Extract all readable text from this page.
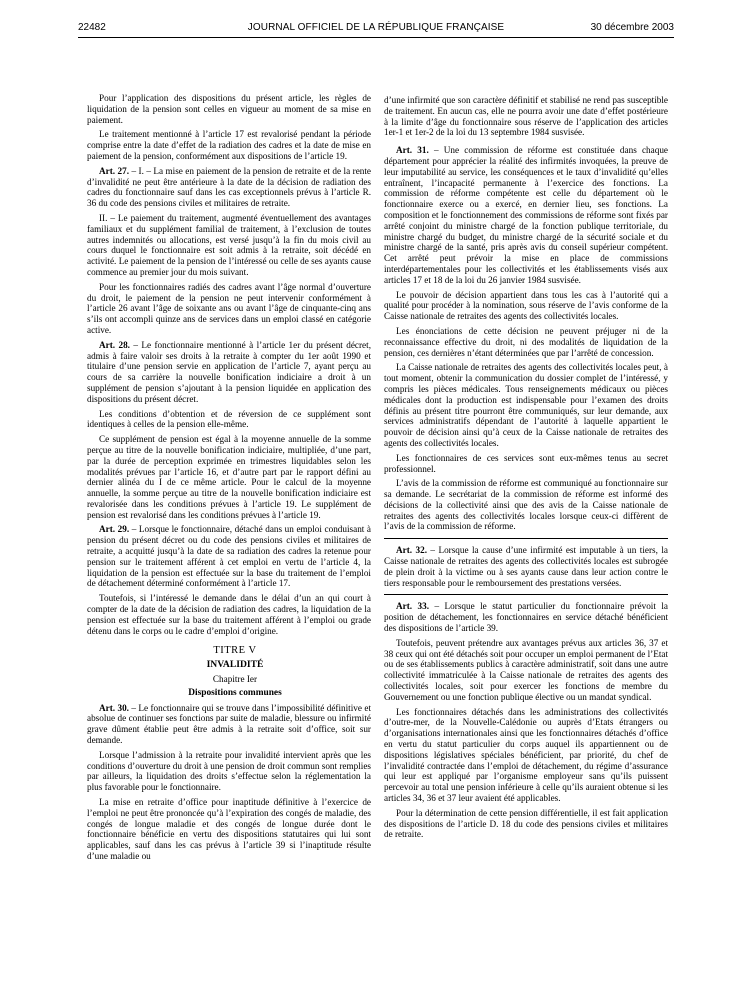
22482	JOURNAL OFFICIEL DE LA RÉPUBLIQUE FRANÇAISE	30 décembre 2003

Pour l’application des dispositions du présent article, les règles de liquidation de la pension sont celles en vigueur au moment de sa mise en paiement.

Le traitement mentionné à l’article 17 est revalorisé pendant la période comprise entre la date d’effet de la radiation des cadres et la date de mise en paiement de la pension, conformément aux dispositions de l’article 19.

Art. 27. – I. – La mise en paiement de la pension de retraite et de la rente d’invalidité ne peut être antérieure à la date de la décision de radiation des cadres du fonctionnaire sauf dans les cas exceptionnels prévus à l’article R. 36 du code des pensions civiles et militaires de retraite.

II. – Le paiement du traitement, augmenté éventuellement des avantages familiaux et du supplément familial de traitement, à l’exclusion de toutes autres indemnités ou allocations, est versé jusqu’à la fin du mois civil au cours duquel le fonctionnaire est soit admis à la retraite, soit décédé en activité. Le paiement de la pension de l’intéressé ou celle de ses ayants cause commence au premier jour du mois suivant.

Pour les fonctionnaires radiés des cadres avant l’âge normal d’ouverture du droit, le paiement de la pension ne peut intervenir conformément à l’article 26 avant l’âge de soixante ans ou avant l’âge de cinquante-cinq ans s’ils ont accompli quinze ans de services dans un emploi classé en catégorie active.

Art. 28. – Le fonctionnaire mentionné à l’article 1er du présent décret, admis à faire valoir ses droits à la retraite à compter du 1er août 1990 et titulaire d’une pension servie en application de l’article 7, ayant perçu au cours de sa carrière la nouvelle bonification indiciaire a droit à un supplément de pension s’ajoutant à la pension liquidée en application des dispositions du présent décret.

Les conditions d’obtention et de réversion de ce supplément sont identiques à celles de la pension elle-même.

Ce supplément de pension est égal à la moyenne annuelle de la somme perçue au titre de la nouvelle bonification indiciaire, multipliée, d’une part, par la durée de perception exprimée en trimestres liquidables selon les modalités prévues par l’article 16, et d’autre part par le rapport défini au dernier alinéa du I de ce même article. Pour le calcul de la moyenne annuelle, la somme perçue au titre de la nouvelle bonification indiciaire est revalorisée dans les conditions prévues à l’article 19. Le supplément de pension est revalorisé dans les conditions prévues à l’article 19.

Art. 29. – Lorsque le fonctionnaire, détaché dans un emploi conduisant à pension du présent décret ou du code des pensions civiles et militaires de retraite, a acquitté jusqu’à la date de sa radiation des cadres la retenue pour pension sur le traitement afférent à cet emploi en vertu de l’article 4, la liquidation de la pension est effectuée sur la base du traitement de l’emploi de détachement déterminé conformément à l’article 17.

Toutefois, si l’intéressé le demande dans le délai d’un an qui court à compter de la date de la décision de radiation des cadres, la liquidation de la pension est effectuée sur la base du traitement afférent à l’emploi ou grade détenu dans le corps ou le cadre d’emploi d’origine.

TITRE V

INVALIDITÉ

Chapitre Ier

Dispositions communes

Art. 30. – Le fonctionnaire qui se trouve dans l’impossibilité définitive et absolue de continuer ses fonctions par suite de maladie, blessure ou infirmité grave dûment établie peut être admis à la retraite soit d’office, soit sur demande.

Lorsque l’admission à la retraite pour invalidité intervient après que les conditions d’ouverture du droit à une pension de droit commun sont remplies par ailleurs, la liquidation des droits s’effectue selon la réglementation la plus favorable pour le fonctionnaire.

La mise en retraite d’office pour inaptitude définitive à l’exercice de l’emploi ne peut être prononcée qu’à l’expiration des congés de maladie, des congés de longue maladie et des congés de longue durée dont le fonctionnaire bénéficie en vertu des dispositions statutaires qui lui sont applicables, sauf dans les cas prévus à l’article 39 si l’inaptitude résulte d’une maladie ou

d’une infirmité que son caractère définitif et stabilisé ne rend pas susceptible de traitement. En aucun cas, elle ne pourra avoir une date d’effet postérieure à la limite d’âge du fonctionnaire sous réserve de l’application des articles 1er-1 et 1er-2 de la loi du 13 septembre 1984 susvisée.

Art. 31. – Une commission de réforme est constituée dans chaque département pour apprécier la réalité des infirmités invoquées, la preuve de leur imputabilité au service, les conséquences et le taux d’invalidité qu’elles entraînent, l’incapacité permanente à l’exercice des fonctions. La commission de réforme compétente est celle du département où le fonctionnaire exerce ou a exercé, en dernier lieu, ses fonctions. La composition et le fonctionnement des commissions de réforme sont fixés par arrêté conjoint du ministre chargé de la fonction publique territoriale, du ministre chargé du budget, du ministre chargé de la sécurité sociale et du ministre chargé de la santé, pris après avis du conseil supérieur compétent. Cet arrêté peut prévoir la mise en place de commissions interdépartementales pour les collectivités et les établissements visés aux articles 17 et 18 de la loi du 26 janvier 1984 susvisée.

Le pouvoir de décision appartient dans tous les cas à l’autorité qui a qualité pour procéder à la nomination, sous réserve de l’avis conforme de la Caisse nationale de retraites des agents des collectivités locales.

Les énonciations de cette décision ne peuvent préjuger ni de la reconnaissance effective du droit, ni des modalités de liquidation de la pension, ces dernières n’étant déterminées que par l’arrêté de concession.

La Caisse nationale de retraites des agents des collectivités locales peut, à tout moment, obtenir la communication du dossier complet de l’intéressé, y compris les pièces médicales. Tous renseignements médicaux ou pièces médicales dont la production est indispensable pour l’examen des droits définis au présent titre pourront être communiqués, sur leur demande, aux services administratifs dépendant de l’autorité à laquelle appartient le pouvoir de décision ainsi qu’à ceux de la Caisse nationale de retraites des agents des collectivités locales.

Les fonctionnaires de ces services sont eux-mêmes tenus au secret professionnel.

L’avis de la commission de réforme est communiqué au fonctionnaire sur sa demande. Le secrétariat de la commission de réforme est informé des décisions de la collectivité ainsi que des avis de la Caisse nationale de retraites des agents des collectivités locales lorsque ceux-ci diffèrent de l’avis de la commission de réforme.

Art. 32. – Lorsque la cause d’une infirmité est imputable à un tiers, la Caisse nationale de retraites des agents des collectivités locales est subrogée de plein droit à la victime ou à ses ayants cause dans leur action contre le tiers responsable pour le remboursement des prestations versées.

Art. 33. – Lorsque le statut particulier du fonctionnaire prévoit la position de détachement, les fonctionnaires en service détaché bénéficient des dispositions de l’article 39.

Toutefois, peuvent prétendre aux avantages prévus aux articles 36, 37 et 38 ceux qui ont été détachés soit pour occuper un emploi permanent de l’Etat ou de ses établissements publics à caractère administratif, soit dans une autre collectivité immatriculée à la Caisse nationale de retraites des agents des collectivités locales, soit pour exercer les fonctions de membre du Gouvernement ou une fonction publique élective ou un mandat syndical.

Les fonctionnaires détachés dans les administrations des collectivités d’outre-mer, de la Nouvelle-Calédonie ou auprès d’Etats étrangers ou d’organisations internationales ainsi que les fonctionnaires détachés d’office en vertu du statut particulier du corps auquel ils appartiennent ou de dispositions législatives spéciales bénéficient, par priorité, du chef de l’invalidité contractée dans l’emploi de détachement, du régime d’assurance qui leur est appliqué par l’organisme employeur sans qu’ils puissent percevoir au total une pension inférieure à celle qu’ils auraient obtenue si les articles 34, 36 et 37 leur avaient été applicables.

Pour la détermination de cette pension différentielle, il est fait application des dispositions de l’article D. 18 du code des pensions civiles et militaires de retraite.
